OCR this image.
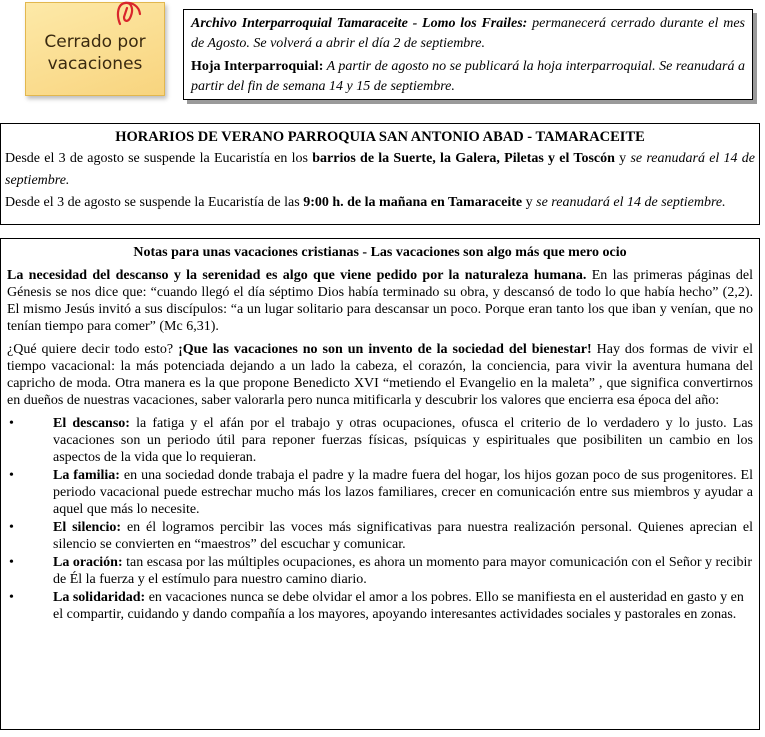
Cerrado por
vacaciones

Archivo Interparroquial Tamaraceite - Lomo los Frailes: permanecerá cerrado durante el mes de Agosto. Se volverá a abrir el día 2 de septiembre.

Hoja Interparroquial: A partir de agosto no se publicará la hoja interparroquial. Se reanudará a partir del fin de semana 14 y 15 de septiembre.

HORARIOS DE VERANO PARROQUIA SAN ANTONIO ABAD - TAMARACEITE

Desde el 3 de agosto se suspende la Eucaristía en los barrios de la Suerte, la Galera, Piletas y el Toscón y se reanudará el 14 de septiembre.

Desde el 3 de agosto se suspende la Eucaristía de las 9:00 h. de la mañana en Tamaraceite y se reanudará el 14 de septiembre.

Notas para unas vacaciones cristianas - Las vacaciones son algo más que mero ocio

La necesidad del descanso y la serenidad es algo que viene pedido por la naturaleza humana. En las primeras páginas del Génesis se nos dice que: “cuando llegó el día séptimo Dios había terminado su obra, y descansó de todo lo que había hecho” (2,2). El mismo Jesús invitó a sus discípulos: “a un lugar solitario para descansar un poco. Porque eran tanto los que iban y venían, que no tenían tiempo para comer” (Mc 6,31).

¿Qué quiere decir todo esto? ¡Que las vacaciones no son un invento de la sociedad del bienestar! Hay dos formas de vivir el tiempo vacacional: la más potenciada dejando a un lado la cabeza, el corazón, la conciencia, para vivir la aventura humana del capricho de moda. Otra manera es la que propone Benedicto XVI “metiendo el Evangelio en la maleta” , que significa convertirnos en dueños de nuestras vacaciones, saber valorarla pero nunca mitificarla y descubrir los valores que encierra esa época del año:

•	El descanso: la fatiga y el afán por el trabajo y otras ocupaciones, ofusca el criterio de lo verdadero y lo justo. Las vacaciones son un periodo útil para reponer fuerzas físicas, psíquicas y espirituales que posibiliten un cambio en los aspectos de la vida que lo requieran.
•	La familia: en una sociedad donde trabaja el padre y la madre fuera del hogar, los hijos gozan poco de sus progenitores. El periodo vacacional puede estrechar mucho más los lazos familiares, crecer en comunicación entre sus miembros y ayudar a aquel que más lo necesite.
•	El silencio: en él logramos percibir las voces más significativas para nuestra realización personal. Quienes aprecian el silencio se convierten en “maestros” del escuchar y comunicar.
•	La oración: tan escasa por las múltiples ocupaciones, es ahora un momento para mayor comunicación con el Señor y recibir de Él la fuerza y el estímulo para nuestro camino diario.
•	La solidaridad: en vacaciones nunca se debe olvidar el amor a los pobres. Ello se manifiesta en el austeridad en gasto y en el compartir, cuidando y dando compañía a los mayores, apoyando interesantes actividades sociales y pastorales en zonas.
